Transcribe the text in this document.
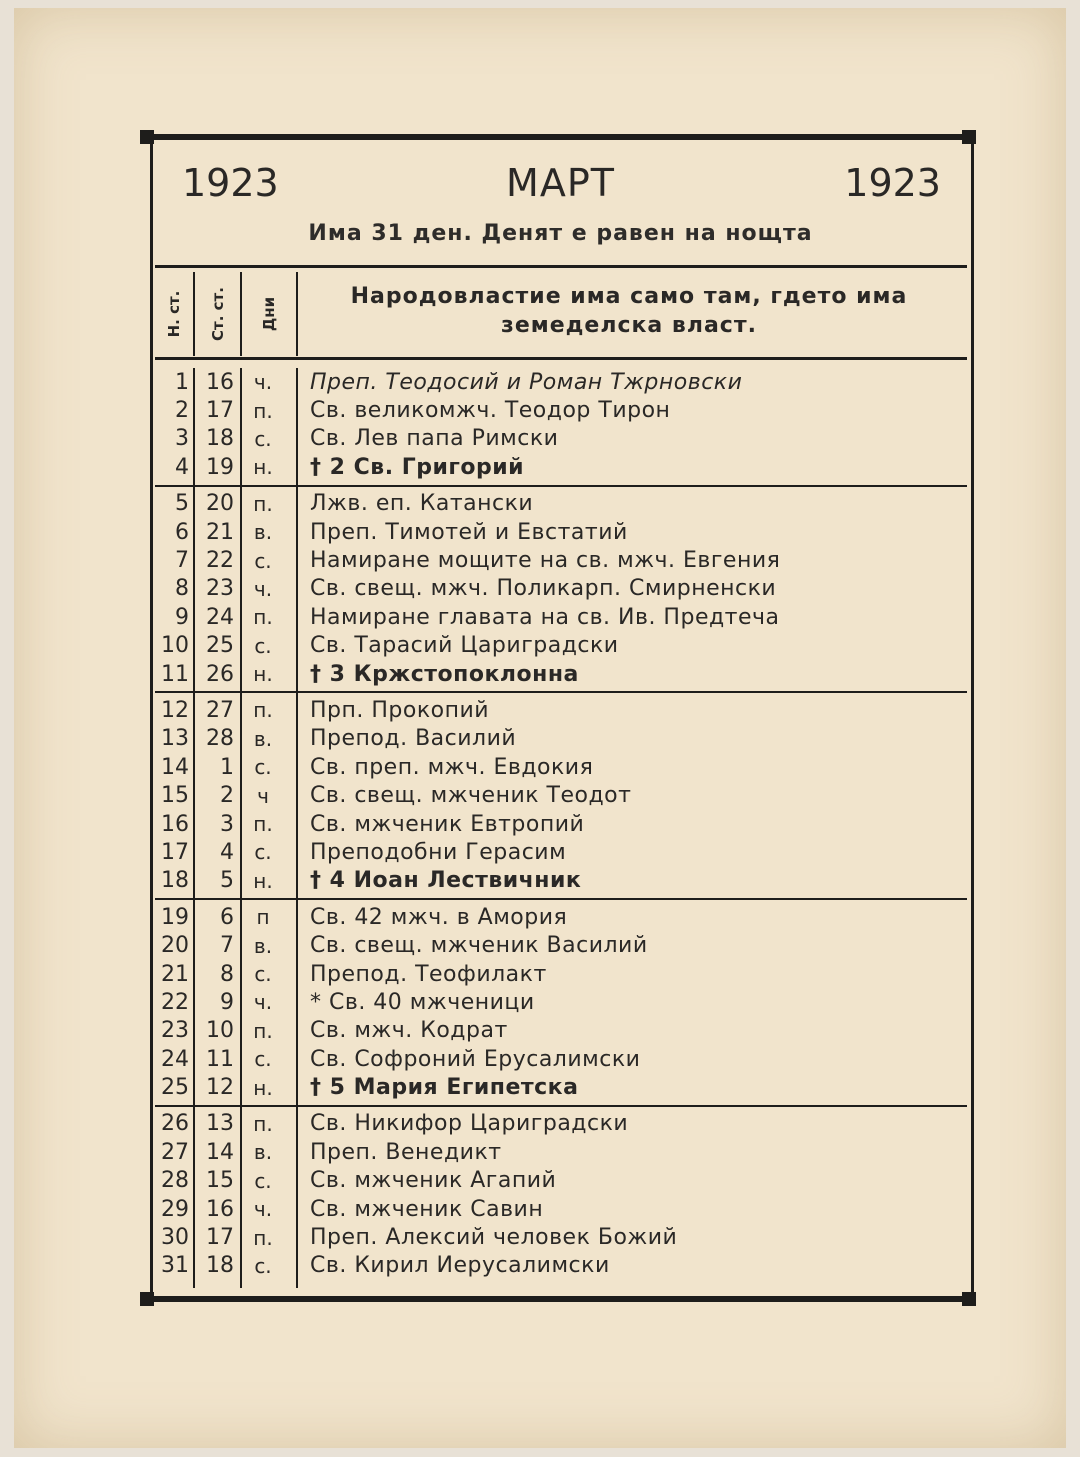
1923	МАРТ	1923
Има 31 ден. Денят е равен на нощта
Н. ст. Ст. ст. Дни
Народовластие има само там, гдето има земеделска власт.
1 16 ч.	Преп. Теодосий и Роман Тжрновски
2 17 п.	Св. великомжч. Теодор Тирон
3 18	с.	Св. Лев папа Римски
4 19 н.	† 2 Св. Григорий
5 20 п.	Лжв. еп. Катански
6 21 в.	Преп. Тимотей и Евстатий
7 22	с.	Намиране мощите на св. мжч. Евгения
8 23 ч.	Св. свещ. мжч. Поликарп. Смирненски
9 24 п.	Намиране главата на св. Ив. Предтеча
10 25	с.	Св. Тарасий Цариградски
11 26 н.	† 3 Кржстопоклонна
12 27 п.	Прп. Прокопий
13 28 в.	Препод. Василий
14	1	с.	Св. преп. мжч. Евдокия
15	2	ч	Св. свещ. мжченик Теодот
16	3 п.	Св. мжченик Евтропий
17	4	с.	Преподобни Герасим
18	5 н.	† 4 Иоан Лествичник
19	6	п	Св. 42 мжч. в Амория
20	7 в.	Св. свещ. мжченик Василий
21	8	с.	Препод. Теофилакт
22	9 ч.	* Св. 40 мжченици
23 10 п.	Св. мжч. Кодрат
24 11	с.	Св. Софроний Ерусалимски
25 12 н.	† 5 Мария Египетска
26 13 п.	Св. Никифор Цариградски
27 14 в.	Преп. Венедикт
28 15	с.	Св. мжченик Агапий
29 16 ч.	Св. мжченик Савин
30 17 п.	Преп. Алексий человек Божий
31 18	с.	Св. Кирил Иерусалимски
